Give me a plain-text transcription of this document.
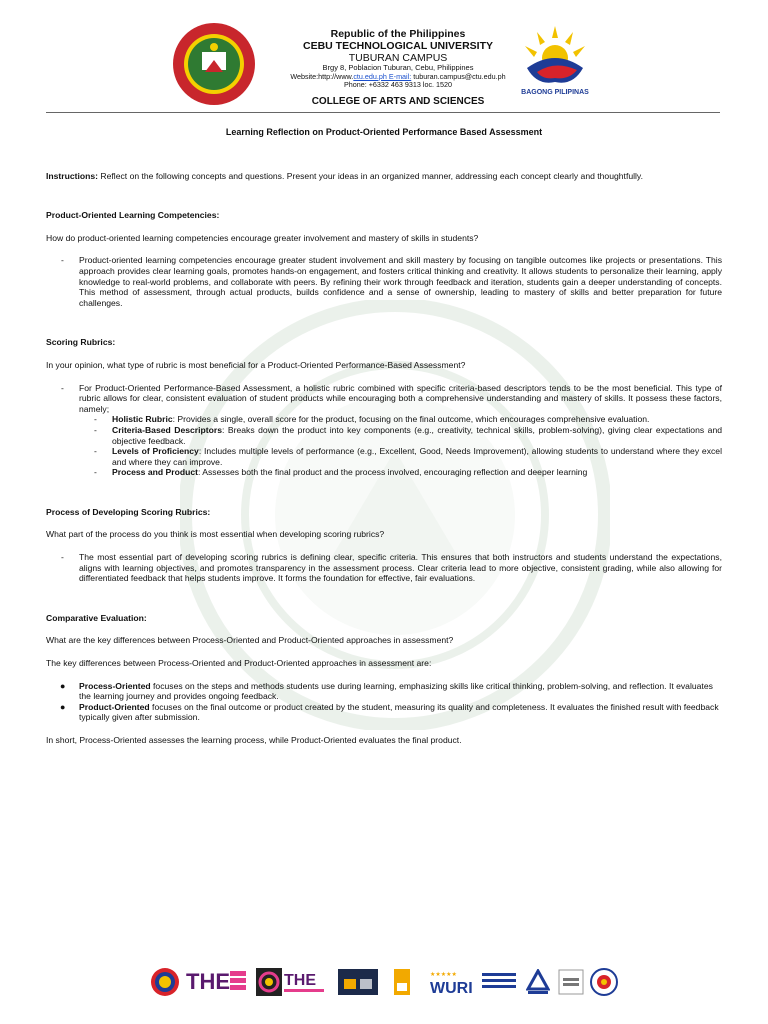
Republic of the Philippines
CEBU TECHNOLOGICAL UNIVERSITY
TUBURAN CAMPUS
Brgy 8, Poblacion Tuburan, Cebu, Philippines
Website:http://www.ctu.edu.ph E-mail: tuburan.campus@ctu.edu.ph
Phone: +6332 463 9313 loc. 1520
BAGONG PILIPINAS
COLLEGE OF ARTS AND SCIENCES

Learning Reflection on Product-Oriented Performance Based Assessment

Instructions: Reflect on the following concepts and questions. Present your ideas in an organized manner, addressing each concept clearly and thoughtfully.

Product-Oriented Learning Competencies:

How do product-oriented learning competencies encourage greater involvement and mastery of skills in students?

- Product-oriented learning competencies encourage greater student involvement and skill mastery by focusing on tangible outcomes like projects or presentations. This approach provides clear learning goals, promotes hands-on engagement, and fosters critical thinking and creativity. It allows students to personalize their learning, apply knowledge to real-world problems, and collaborate with peers. By refining their work through feedback and iteration, students gain a deeper understanding of concepts. This method of assessment, through actual products, builds confidence and a sense of ownership, leading to mastery of skills and better preparation for future challenges.

Scoring Rubrics:

In your opinion, what type of rubric is most beneficial for a Product-Oriented Performance-Based Assessment?

- For Product-Oriented Performance-Based Assessment, a holistic rubric combined with specific criteria-based descriptors tends to be the most beneficial. This type of rubric allows for clear, consistent evaluation of student products while encouraging both a comprehensive understanding and mastery of skills. It possess these factors, namely;
- Holistic Rubric: Provides a single, overall score for the product, focusing on the final outcome, which encourages comprehensive evaluation.
- Criteria-Based Descriptors: Breaks down the product into key components (e.g., creativity, technical skills, problem-solving), giving clear expectations and objective feedback.
- Levels of Proficiency: Includes multiple levels of performance (e.g., Excellent, Good, Needs Improvement), allowing students to understand where they excel and where they can improve.
- Process and Product: Assesses both the final product and the process involved, encouraging reflection and deeper learning

Process of Developing Scoring Rubrics:

What part of the process do you think is most essential when developing scoring rubrics?

- The most essential part of developing scoring rubrics is defining clear, specific criteria. This ensures that both instructors and students understand the expectations, aligns with learning objectives, and promotes transparency in the assessment process. Clear criteria lead to more objective, consistent grading, while also allowing for differentiated feedback that helps students improve. It forms the foundation for effective, fair evaluations.

Comparative Evaluation:

What are the key differences between Process-Oriented and Product-Oriented approaches in assessment?

The key differences between Process-Oriented and Product-Oriented approaches in assessment are:

● Process-Oriented focuses on the steps and methods students use during learning, emphasizing skills like critical thinking, problem-solving, and reflection. It evaluates the learning journey and provides ongoing feedback.
● Product-Oriented focuses on the final outcome or product created by the student, measuring its quality and completeness. It evaluates the finished result with feedback typically given after submission.

In short, Process-Oriented assesses the learning process, while Product-Oriented evaluates the final product.

THE	THE	★★★★★
WURI
